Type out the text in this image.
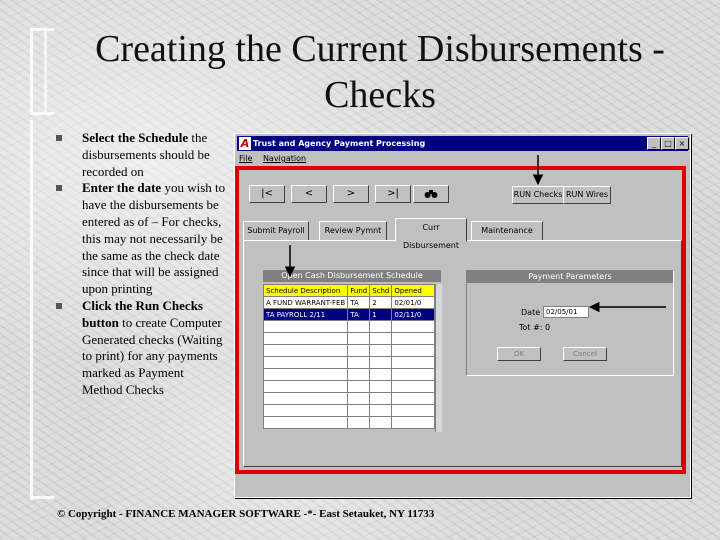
Creating the Current Disbursements -
Checks
Select the Schedule the disbursements should be recorded on
Enter the date you wish to have the disbursements be entered as of – For checks, this may not necessarily be the same as the check date since that will be assigned upon printing
Click the Run Checks button to create Computer Generated checks (Waiting to print) for any payments marked as Payment Method Checks
A Trust and Agency Payment Processing	_	□ ×
File Navigation
|<	<	>	>|	RUN Checks RUN Wires
Submit Payroll	Review Pymnt	Curr Disbursement
Maintenance
Open Cash Disbursement Schedule
Schedule Description	Fund	Schd	Opened
A FUND WARRANT-FEB	TA	2	02/01/0
TA PAYROLL 2/11	TA	1	02/11/0

Payment Parameters
Date 02/05/01
Tot #: 0
OK	Cancel
© Copyright - FINANCE MANAGER SOFTWARE -*- East Setauket, NY 11733
